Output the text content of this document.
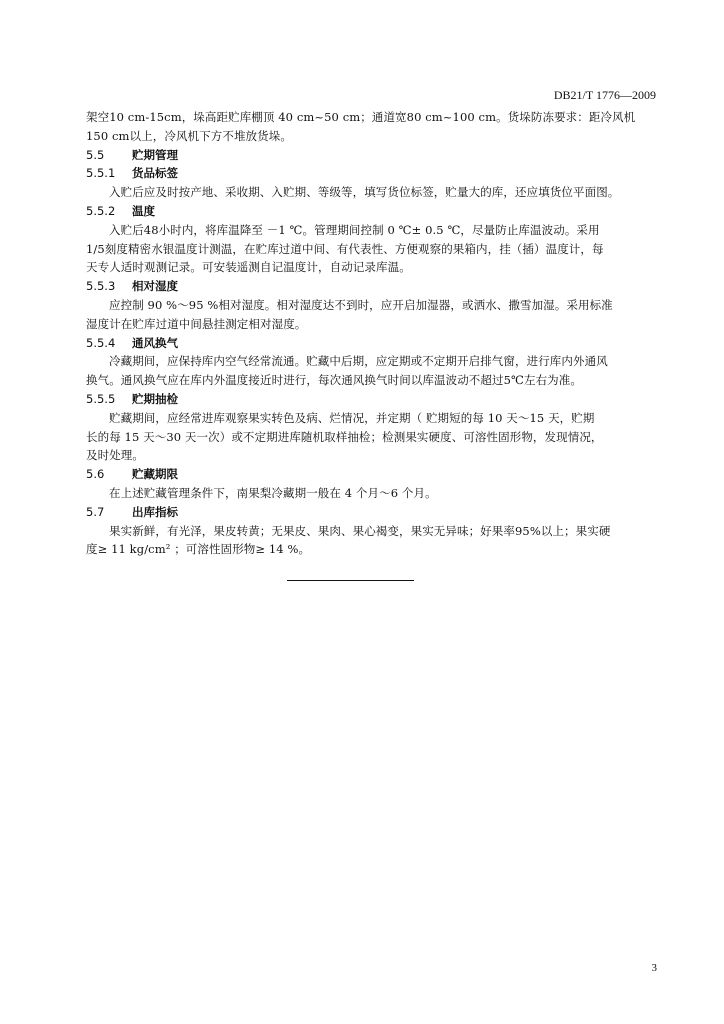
DB21/T 1776—2009
架空10 cm-15cm，垛高距贮库棚顶 40 cm~50 cm；通道宽80 cm~100 cm。货垛防冻要求：距冷风机
150 cm以上，冷风机下方不堆放货垛。
5.5 贮期管理
5.5.1 货品标签
入贮后应及时按产地、采收期、入贮期、等级等，填写货位标签，贮量大的库，还应填货位平面图。
5.5.2 温度
入贮后48小时内，将库温降至 －1 ℃。管理期间控制 0 ℃± 0.5 ℃，尽量防止库温波动。采用
1/5刻度精密水银温度计测温，在贮库过道中间、有代表性、方便观察的果箱内，挂（插）温度计，每
天专人适时观测记录。可安装遥测自记温度计，自动记录库温。
5.5.3 相对湿度
应控制 90 %～95 %相对湿度。相对湿度达不到时，应开启加湿器，或洒水、撒雪加湿。采用标准
湿度计在贮库过道中间悬挂测定相对湿度。
5.5.4 通风换气
冷藏期间，应保持库内空气经常流通。贮藏中后期，应定期或不定期开启排气窗，进行库内外通风
换气。通风换气应在库内外温度接近时进行，每次通风换气时间以库温波动不超过5℃左右为准。
5.5.5 贮期抽检
贮藏期间，应经常进库观察果实转色及病、烂情况，并定期（ 贮期短的每 10 天～15 天，贮期
长的每 15 天～30 天一次）或不定期进库随机取样抽检；检测果实硬度、可溶性固形物，发现情况，
及时处理。
5.6 贮藏期限
在上述贮藏管理条件下，南果梨冷藏期一般在 4 个月～6 个月。
5.7 出库指标
果实新鲜，有光泽，果皮转黄；无果皮、果肉、果心褐变，果实无异味；好果率95%以上；果实硬
度≥ 11 kg/cm² ；可溶性固形物≥ 14 %。
3
